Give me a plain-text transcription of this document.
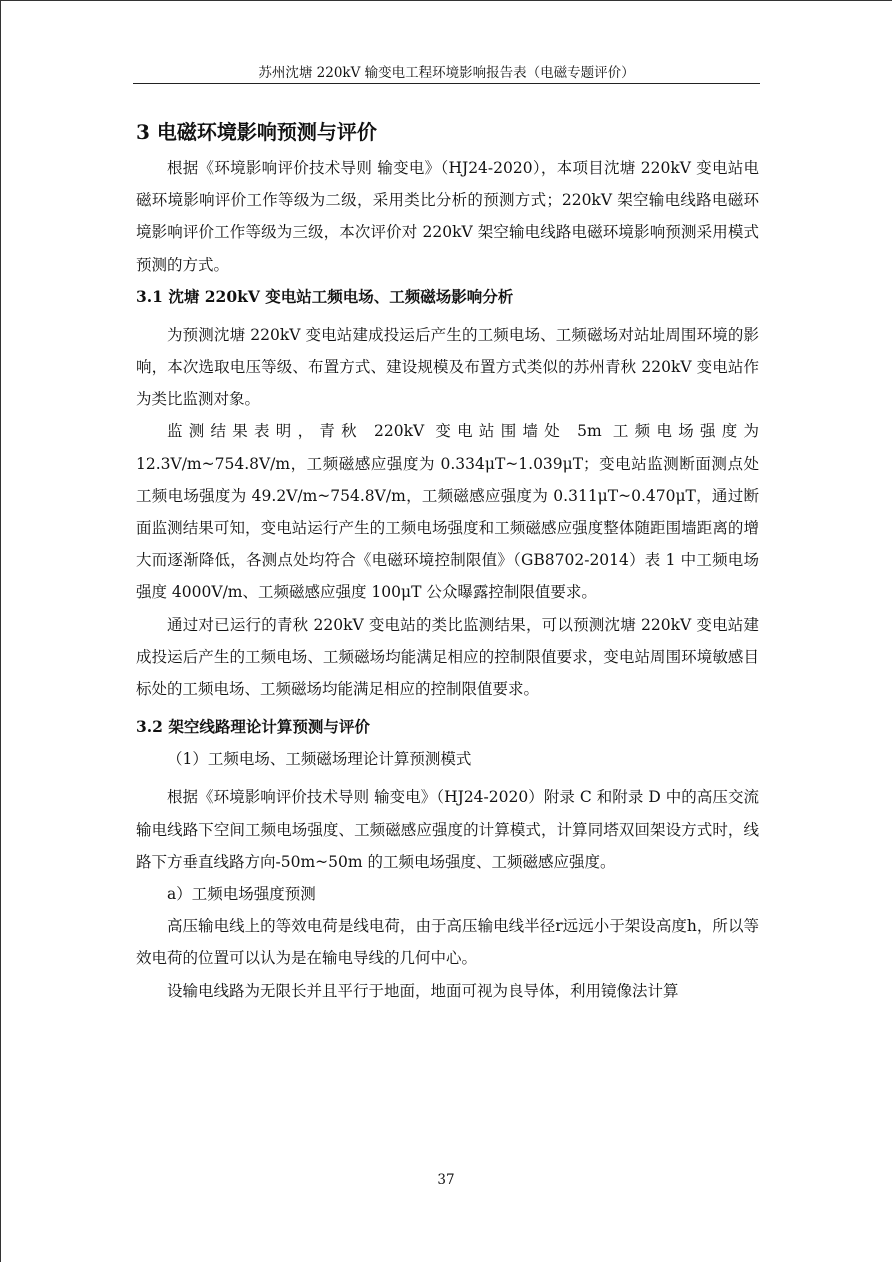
苏州沈塘 220kV 输变电工程环境影响报告表（电磁专题评价）
3 电磁环境影响预测与评价

根据《环境影响评价技术导则 输变电》（HJ24-2020），本项目沈塘 220kV 变电站电磁环境影响评价工作等级为二级，采用类比分析的预测方式；220kV 架空输电线路电磁环境影响评价工作等级为三级，本次评价对 220kV 架空输电线路电磁环境影响预测采用模式预测的方式。

3.1 沈塘 220kV 变电站工频电场、工频磁场影响分析

为预测沈塘 220kV 变电站建成投运后产生的工频电场、工频磁场对站址周围环境的影响，本次选取电压等级、布置方式、建设规模及布置方式类似的苏州青秋 220kV 变电站作为类比监测对象。

监测结果表明，青秋 220kV 变电站围墙处 5m 工频电场强度为 12.3V/m~754.8V/m，工频磁感应强度为 0.334μT~1.039μT；变电站监测断面测点处工频电场强度为 49.2V/m~754.8V/m，工频磁感应强度为 0.311μT~0.470μT，通过断面监测结果可知，变电站运行产生的工频电场强度和工频磁感应强度整体随距围墙距离的增大而逐渐降低，各测点处均符合《电磁环境控制限值》（GB8702-2014）表 1 中工频电场强度 4000V/m、工频磁感应强度 100μT 公众曝露控制限值要求。

通过对已运行的青秋 220kV 变电站的类比监测结果，可以预测沈塘 220kV 变电站建成投运后产生的工频电场、工频磁场均能满足相应的控制限值要求，变电站周围环境敏感目标处的工频电场、工频磁场均能满足相应的控制限值要求。

3.2 架空线路理论计算预测与评价

（1）工频电场、工频磁场理论计算预测模式

根据《环境影响评价技术导则 输变电》（HJ24-2020）附录 C 和附录 D 中的高压交流输电线路下空间工频电场强度、工频磁感应强度的计算模式，计算同塔双回架设方式时，线路下方垂直线路方向-50m~50m 的工频电场强度、工频磁感应强度。

a）工频电场强度预测

高压输电线上的等效电荷是线电荷，由于高压输电线半径r远远小于架设高度h，所以等效电荷的位置可以认为是在输电导线的几何中心。

设输电线路为无限长并且平行于地面，地面可视为良导体，利用镜像法计算

37
